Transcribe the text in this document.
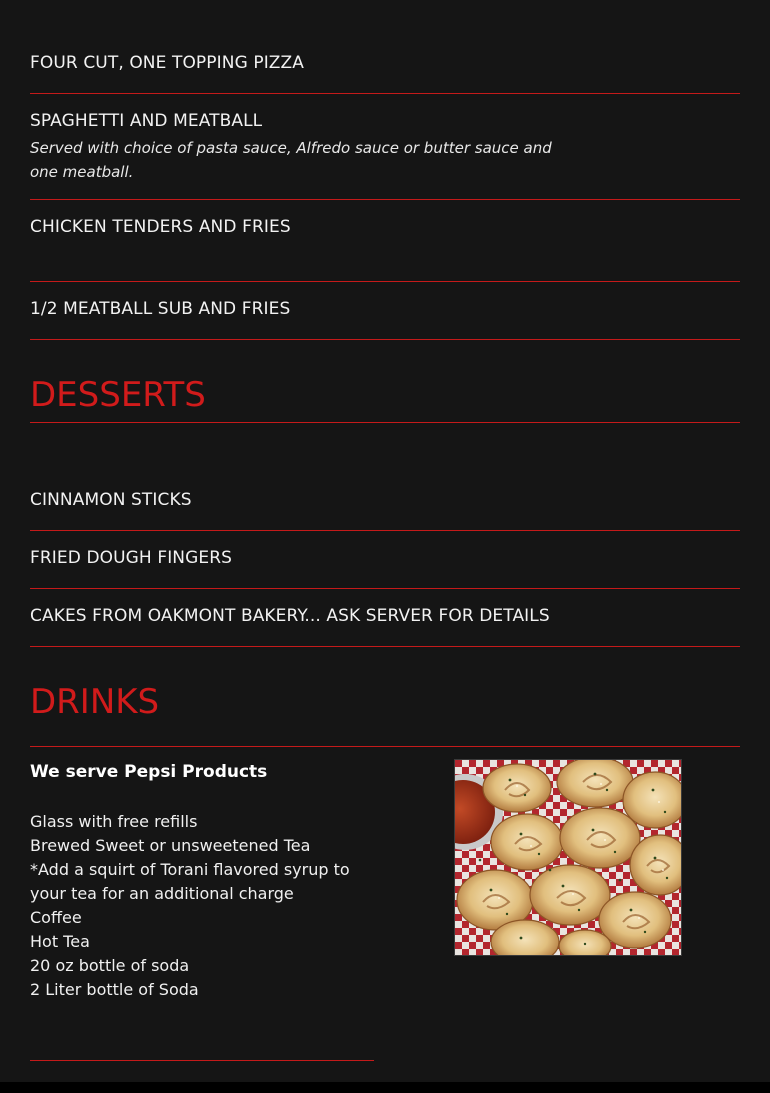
FOUR CUT, ONE TOPPING PIZZA
SPAGHETTI AND MEATBALL
Served with choice of pasta sauce, Alfredo sauce or butter sauce and one meatball.
CHICKEN TENDERS AND FRIES
1/2 MEATBALL SUB AND FRIES
DESSERTS
CINNAMON STICKS
FRIED DOUGH FINGERS
CAKES FROM OAKMONT BAKERY... ASK SERVER FOR DETAILS
DRINKS
We serve Pepsi Products
Glass with free refills
Brewed Sweet or unsweetened Tea
*Add a squirt of Torani flavored syrup to your tea for an additional charge
Coffee
Hot Tea
20 oz bottle of soda
2 Liter bottle of Soda
